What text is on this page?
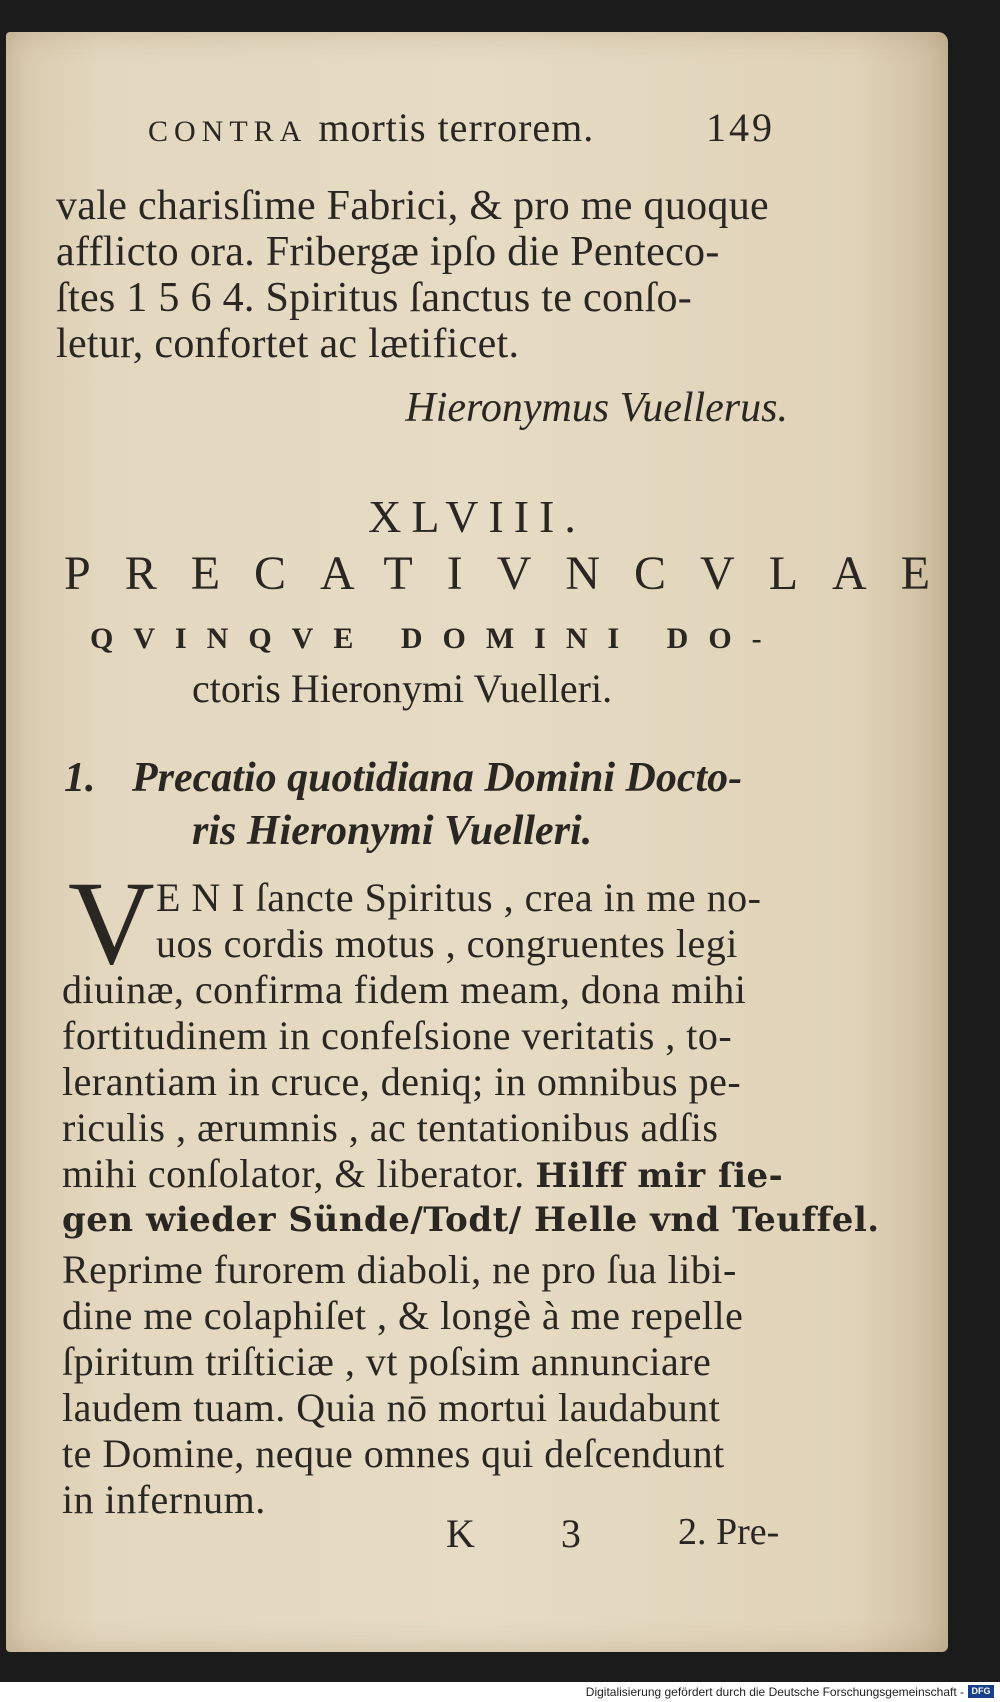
CONTRA mortis terrorem.	149
vale charisſime Fabrici, & pro me quoque
afflicto ora. Fribergæ ipſo die Penteco-
ſtes 1 5 6 4. Spiritus ſanctus te conſo-
letur, confortet ac lætificet.
Hieronymus Vuellerus.
XLVIII.
PRECATIVNCVLAE
QVINQVE DOMINI DO-
ctoris Hieronymi Vuelleri.
1. Precatio quotidiana Domini Docto-
ris Hieronymi Vuelleri.
V E N I ſancte Spiritus , crea in me no-
uos cordis motus , congruentes legi
diuinæ, confirma fidem meam, dona mihi
fortitudinem in confeſsione veritatis , to-
lerantiam in cruce, deniq; in omnibus pe-
riculis , ærumnis , ac tentationibus adſis
mihi conſolator, & liberator. Hilff mir ſie-
gen wieder Sünde/Todt/ Helle vnd Teuffel.
Reprime furorem diaboli, ne pro ſua libi-
dine me colaphiſet , & longè à me repelle
ſpiritum triſticiæ , vt poſsim annunciare
laudem tuam. Quia nō mortui laudabunt
te Domine, neque omnes qui deſcendunt
in infernum.
K 3 2. Pre-
Digitalisierung gefördert durch die Deutsche Forschungsgemeinschaft - DFG
